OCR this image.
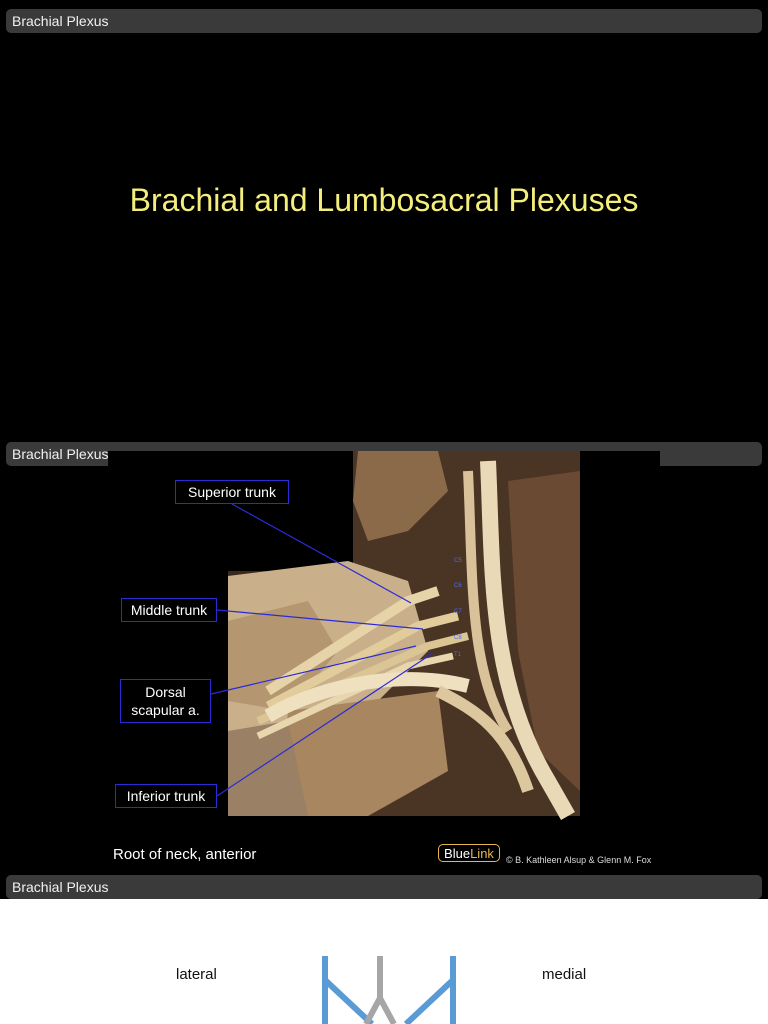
Brachial Plexus
Brachial and Lumbosacral Plexuses
Brachial Plexus
C5
C6
C7
C8
T1
Superior trunk
Middle trunk
Dorsal
scapular a.
Inferior trunk
Root of neck, anterior	BlueLink	© B. Kathleen Alsup & Glenn M. Fox
Brachial Plexus
lateral	medial
